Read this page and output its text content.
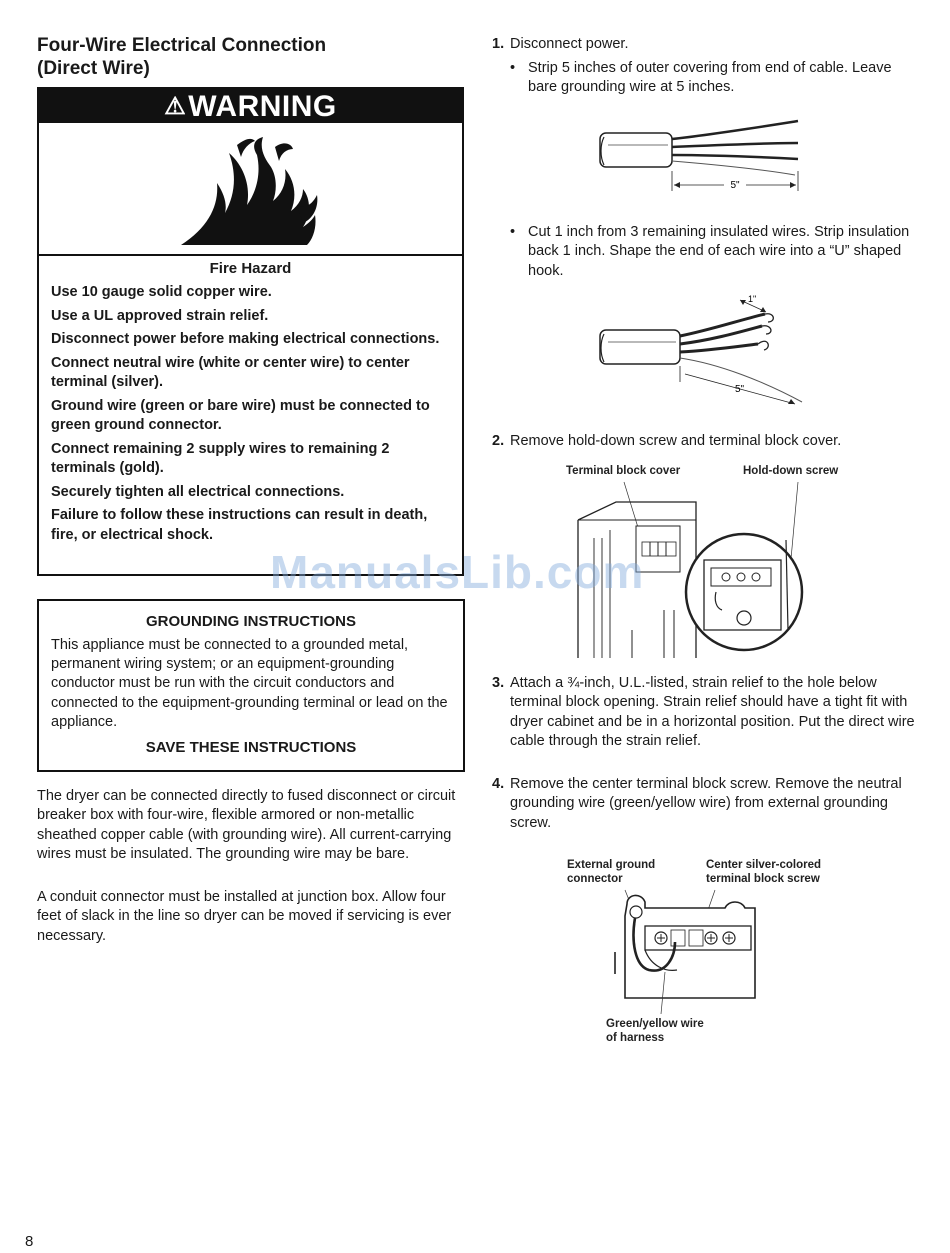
Four-Wire Electrical Connection
(Direct Wire)
⚠WARNING
Fire Hazard
Use 10 gauge solid copper wire.
Use a UL approved strain relief.
Disconnect power before making electrical connections.
Connect neutral wire (white or center wire) to center terminal (silver).
Ground wire (green or bare wire) must be connected to green ground connector.
Connect remaining 2 supply wires to remaining 2 terminals (gold).
Securely tighten all electrical connections.
Failure to follow these instructions can result in death, fire, or electrical shock.
GROUNDING INSTRUCTIONS
This appliance must be connected to a grounded metal, permanent wiring system; or an equipment-grounding conductor must be run with the circuit conductors and connected to the equipment-grounding terminal or lead on the appliance.
SAVE THESE INSTRUCTIONS

The dryer can be connected directly to fused disconnect or circuit breaker box with four-wire, flexible armored or non-metallic sheathed copper cable (with grounding wire). All current-carrying wires must be insulated. The grounding wire may be bare.

A conduit connector must be installed at junction box. Allow four feet of slack in the line so dryer can be moved if servicing is ever necessary.

8
1. Disconnect power.
• Strip 5 inches of outer covering from end of cable. Leave bare grounding wire at 5 inches.
5"
• Cut 1 inch from 3 remaining insulated wires. Strip insulation back 1 inch. Shape the end of each wire into a “U” shaped hook.
1"
5"
2. Remove hold-down screw and terminal block cover.
Terminal block cover	Hold-down screw
3. Attach a ¾-inch, U.L.-listed, strain relief to the hole below terminal block opening. Strain relief should have a tight fit with dryer cabinet and be in a horizontal position. Put the direct wire cable through the strain relief.
4. Remove the center terminal block screw. Remove the neutral grounding wire (green/yellow wire) from external grounding screw.
External ground
connector
Center silver-colored
terminal block screw
Green/yellow wire
of harness
ManualsLib.com
